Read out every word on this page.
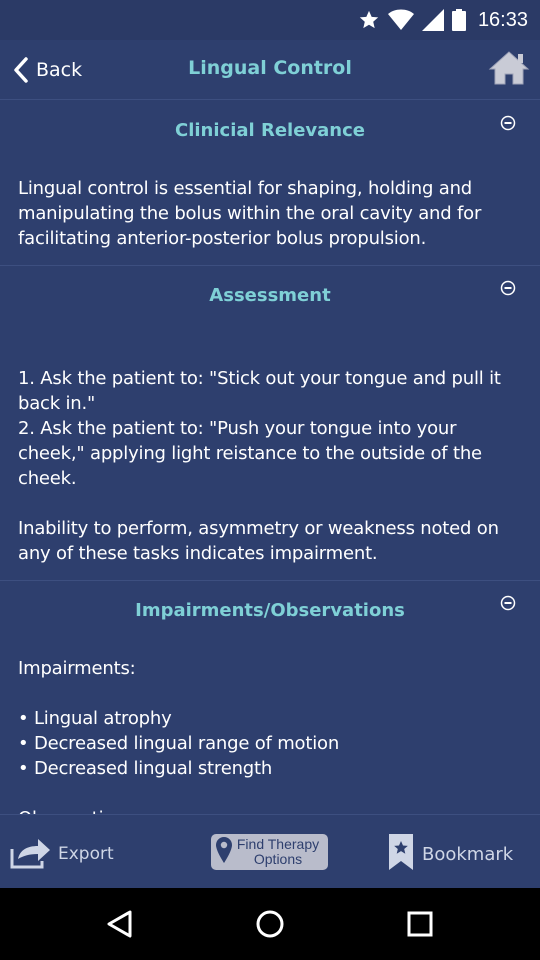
16:33
Back	Lingual Control
Clinicial Relevance

Lingual control is essential for shaping, holding and manipulating the bolus within the oral cavity and for facilitating anterior-posterior bolus propulsion.

Assessment

1. Ask the patient to: "Stick out your tongue and pull it back in."

2. Ask the patient to: "Push your tongue into your cheek," applying light reistance to the outside of the cheek.

Inability to perform, asymmetry or weakness noted on any of these tasks indicates impairment.

Impairments/Observations

Impairments:

• Lingual atrophy

• Decreased lingual range of motion

• Decreased lingual strength

Export	Find Therapy
Options	Bookmark
